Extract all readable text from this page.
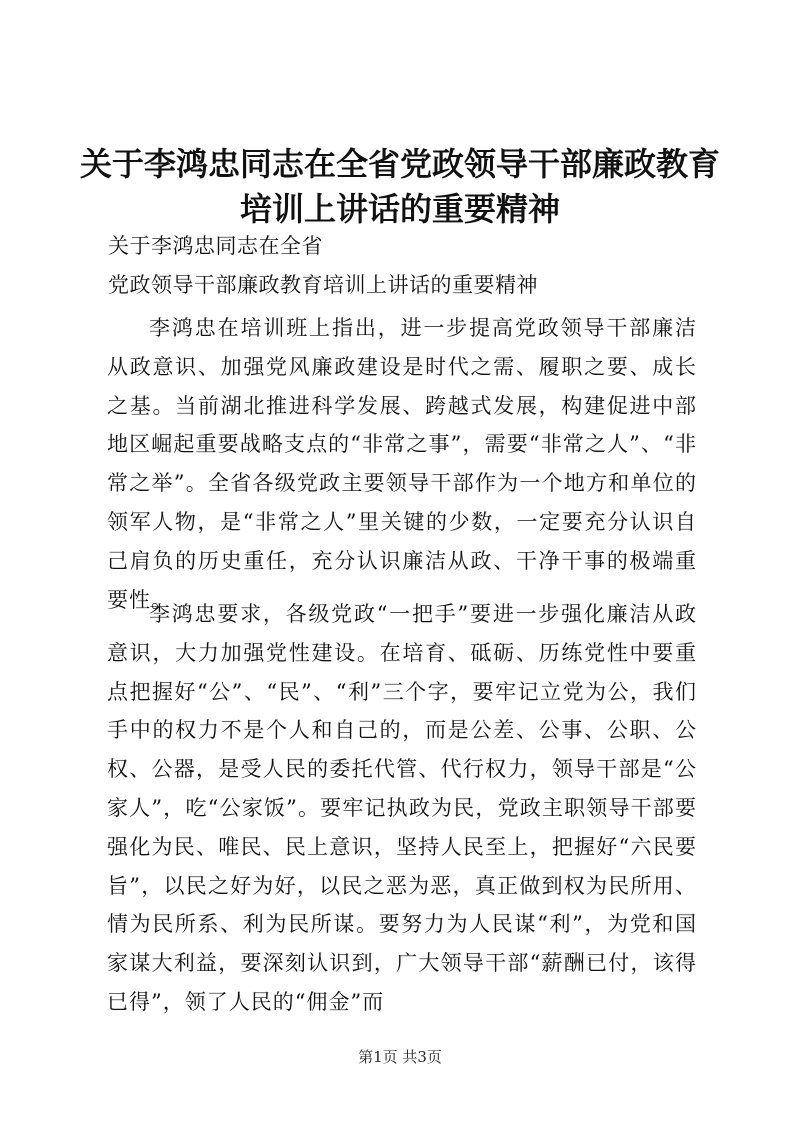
关于李鸿忠同志在全省党政领导干部廉政教育
培训上讲话的重要精神
关于李鸿忠同志在全省
党政领导干部廉政教育培训上讲话的重要精神

李鸿忠在培训班上指出，进一步提高党政领导干部廉洁从政意识、加强党风廉政建设是时代之需、履职之要、成长之基。当前湖北推进科学发展、跨越式发展，构建促进中部地区崛起重要战略支点的“非常之事”，需要“非常之人”、“非常之举”。全省各级党政主要领导干部作为一个地方和单位的领军人物，是“非常之人”里关键的少数，一定要充分认识自己肩负的历史重任，充分认识廉洁从政、干净干事的极端重要性。

李鸿忠要求，各级党政“一把手”要进一步强化廉洁从政意识，大力加强党性建设。在培育、砥砺、历练党性中要重点把握好“公”、“民”、“利”三个字，要牢记立党为公，我们手中的权力不是个人和自己的，而是公差、公事、公职、公权、公器，是受人民的委托代管、代行权力，领导干部是“公家人”，吃“公家饭”。要牢记执政为民，党政主职领导干部要强化为民、唯民、民上意识，坚持人民至上，把握好“六民要旨”，以民之好为好，以民之恶为恶，真正做到权为民所用、情为民所系、利为民所谋。要努力为人民谋“利”，为党和国家谋大利益，要深刻认识到，广大领导干部“薪酬已付，该得已得”，领了人民的“佣金”而

第1页 共3页
